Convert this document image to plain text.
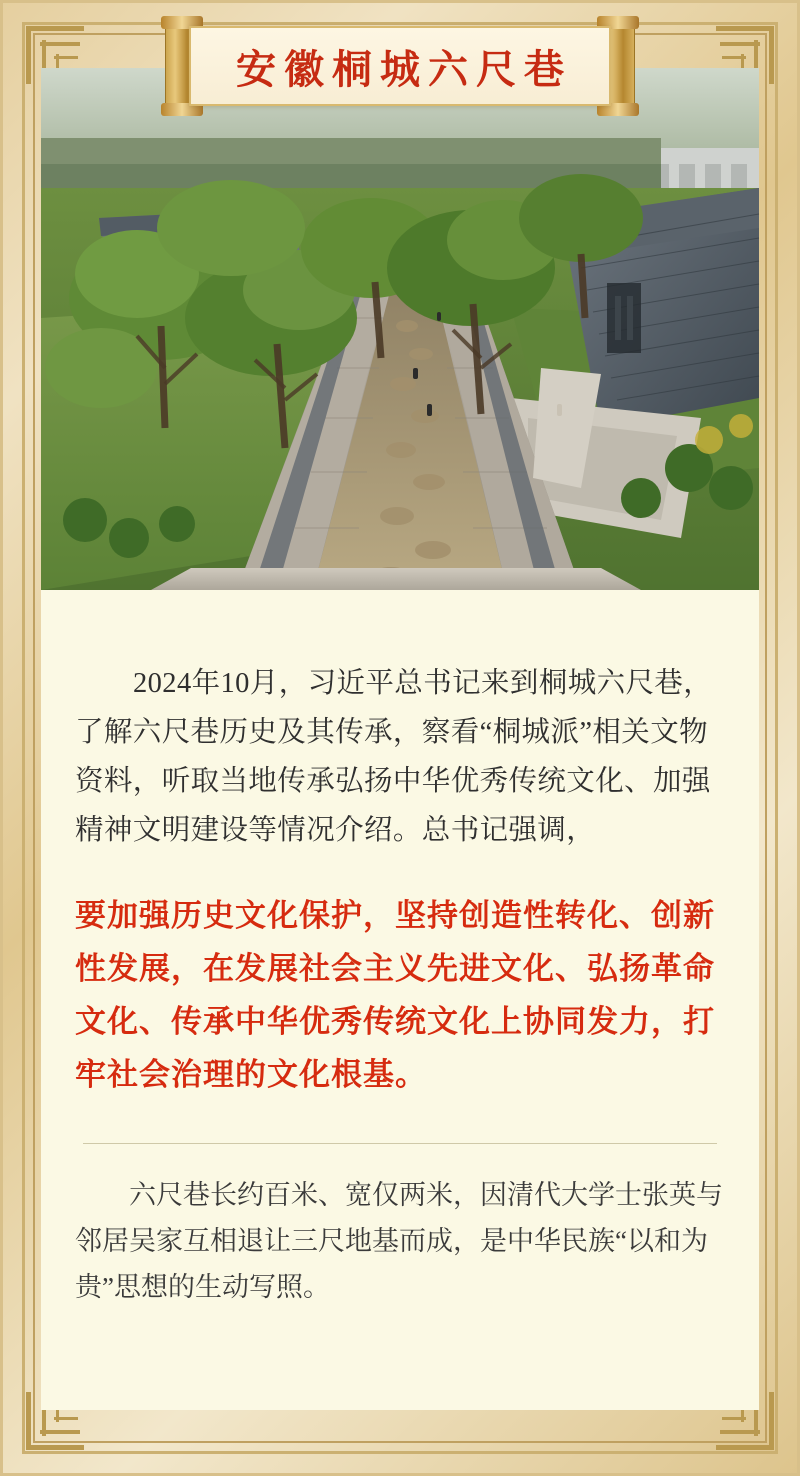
安徽桐城六尺巷

2024年10月，习近平总书记来到桐城六尺巷，了解六尺巷历史及其传承，察看“桐城派”相关文物资料，听取当地传承弘扬中华优秀传统文化、加强精神文明建设等情况介绍。总书记强调，

要加强历史文化保护，坚持创造性转化、创新性发展，在发展社会主义先进文化、弘扬革命文化、传承中华优秀传统文化上协同发力，打牢社会治理的文化根基。

六尺巷长约百米、宽仅两米，因清代大学士张英与邻居吴家互相退让三尺地基而成，是中华民族“以和为贵”思想的生动写照。
